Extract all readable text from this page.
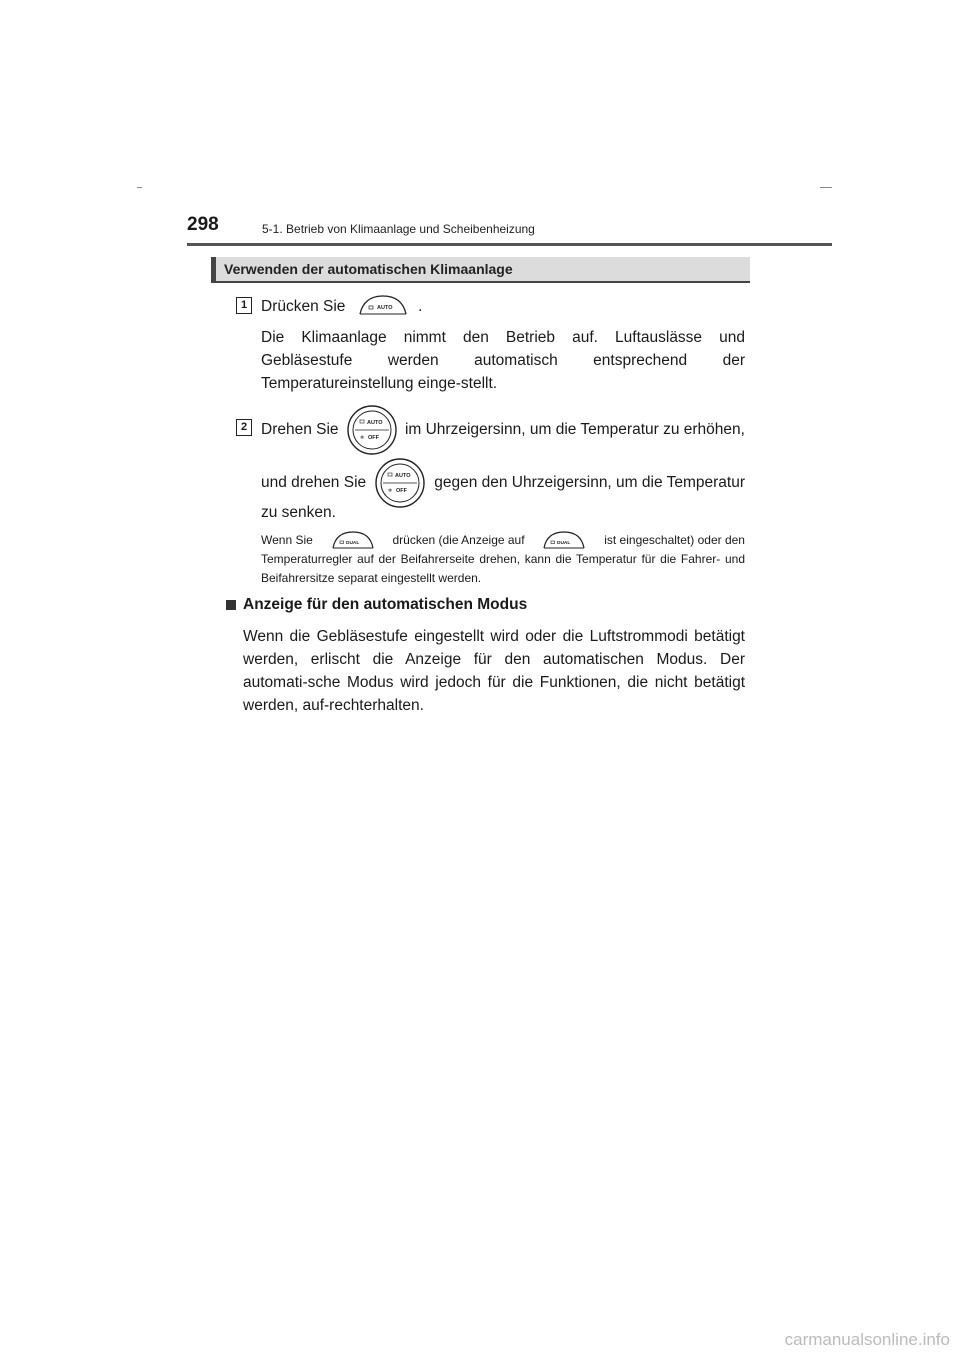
298	5-1. Betrieb von Klimaanlage und Scheibenheizung
Verwenden der automatischen Klimaanlage
1 Drücken Sie	AUTO .
Die Klimaanlage nimmt den Betrieb auf. Luftauslässe und Gebläsestufe werden automatisch entsprechend der Temperatureinstellung einge-stellt.
2 Drehen Sie	AUTO
❄ OFF im Uhrzeigersinn, um die Temperatur zu erhöhen,
und drehen Sie	AUTO
❄ OFF gegen den Uhrzeigersinn, um die Temperatur
zu senken.
Wenn Sie	DUAL	drücken (die Anzeige auf	DUAL	ist eingeschaltet) oder den
Temperaturregler auf der Beifahrerseite drehen, kann die Temperatur für die Fahrer- und Beifahrersitze separat eingestellt werden.
Anzeige für den automatischen Modus
Wenn die Gebläsestufe eingestellt wird oder die Luftstrommodi betätigt werden, erlischt die Anzeige für den automatischen Modus. Der automati-sche Modus wird jedoch für die Funktionen, die nicht betätigt werden, auf-rechterhalten.
carmanualsonline.info
